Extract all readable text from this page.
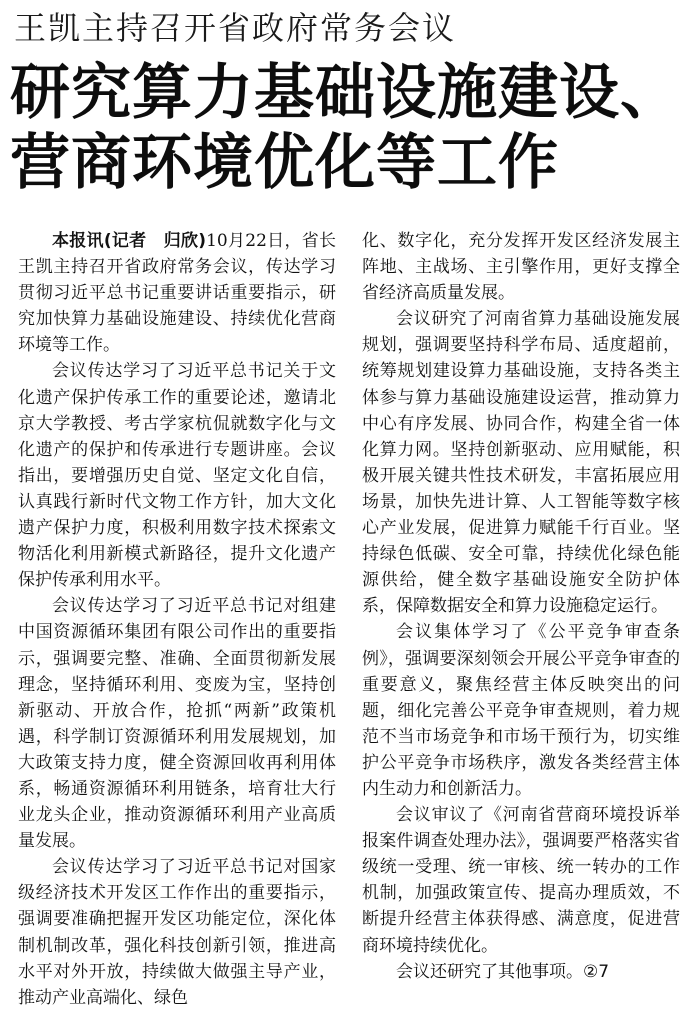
王凯主持召开省政府常务会议
研究算力基础设施建设、
营商环境优化等工作

本报讯(记者　归欣)10月22日，省长王凯主持召开省政府常务会议，传达学习贯彻习近平总书记重要讲话重要指示，研究加快算力基础设施建设、持续优化营商环境等工作。

会议传达学习了习近平总书记关于文化遗产保护传承工作的重要论述，邀请北京大学教授、考古学家杭侃就数字化与文化遗产的保护和传承进行专题讲座。会议指出，要增强历史自觉、坚定文化自信，认真践行新时代文物工作方针，加大文化遗产保护力度，积极利用数字技术探索文物活化利用新模式新路径，提升文化遗产保护传承利用水平。

会议传达学习了习近平总书记对组建中国资源循环集团有限公司作出的重要指示，强调要完整、准确、全面贯彻新发展理念，坚持循环利用、变废为宝，坚持创新驱动、开放合作，抢抓“两新”政策机遇，科学制订资源循环利用发展规划，加大政策支持力度，健全资源回收再利用体系，畅通资源循环利用链条，培育壮大行业龙头企业，推动资源循环利用产业高质量发展。

会议传达学习了习近平总书记对国家级经济技术开发区工作作出的重要指示，强调要准确把握开发区功能定位，深化体制机制改革，强化科技创新引领，推进高水平对外开放，持续做大做强主导产业，推动产业高端化、绿色

化、数字化，充分发挥开发区经济发展主阵地、主战场、主引擎作用，更好支撑全省经济高质量发展。

会议研究了河南省算力基础设施发展规划，强调要坚持科学布局、适度超前，统筹规划建设算力基础设施，支持各类主体参与算力基础设施建设运营，推动算力中心有序发展、协同合作，构建全省一体化算力网。坚持创新驱动、应用赋能，积极开展关键共性技术研发，丰富拓展应用场景，加快先进计算、人工智能等数字核心产业发展，促进算力赋能千行百业。坚持绿色低碳、安全可靠，持续优化绿色能源供给，健全数字基础设施安全防护体系，保障数据安全和算力设施稳定运行。

会议集体学习了《公平竞争审查条例》，强调要深刻领会开展公平竞争审查的重要意义，聚焦经营主体反映突出的问题，细化完善公平竞争审查规则，着力规范不当市场竞争和市场干预行为，切实维护公平竞争市场秩序，激发各类经营主体内生动力和创新活力。

会议审议了《河南省营商环境投诉举报案件调查处理办法》，强调要严格落实省级统一受理、统一审核、统一转办的工作机制，加强政策宣传、提高办理质效，不断提升经营主体获得感、满意度，促进营商环境持续优化。

会议还研究了其他事项。②7
